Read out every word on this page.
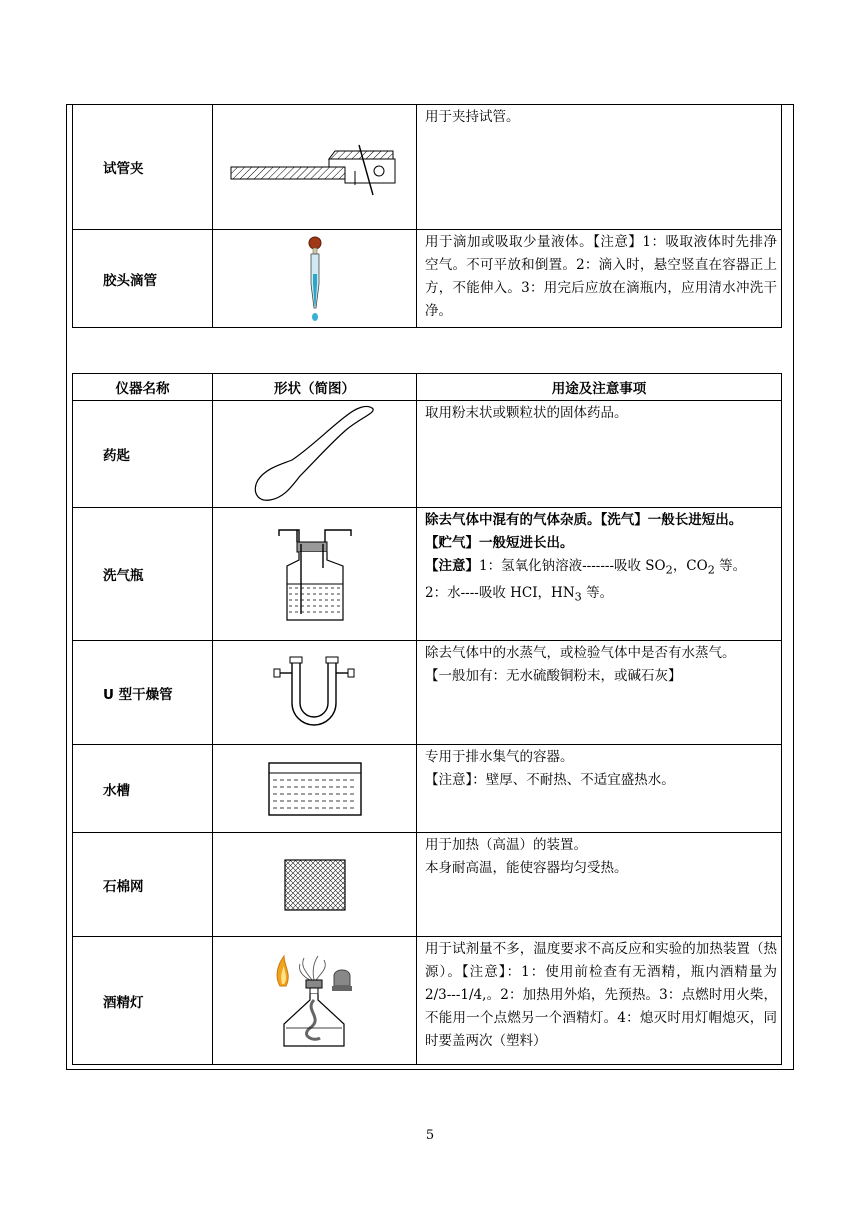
试管夹		用于夹持试管。
胶头滴管		用于滴加或吸取少量液体。【注意】1：吸取液体时先排净空气。不可平放和倒置。2：滴入时，悬空竖直在容器正上方，不能伸入。3：用完后应放在滴瓶内，应用清水冲洗干净。
仪器名称	形状（简图）	用途及注意事项
药匙		取用粉末状或颗粒状的固体药品。
洗气瓶		除去气体中混有的气体杂质。【洗气】一般长进短出。

【贮气】一般短进长出。

【注意】1：氢氧化钠溶液-------吸收 $SO_2$，$CO_2$ 等。

2：水----吸收 HCI，$HN_3$ 等。

U 型干燥管		除去气体中的水蒸气，或检验气体中是否有水蒸气。

【一般加有：无水硫酸铜粉末，或碱石灰】

水槽		专用于排水集气的容器。

【注意】：壁厚、不耐热、不适宜盛热水。

石棉网		用于加热（高温）的装置。

本身耐高温，能使容器均匀受热。

酒精灯		用于试剂量不多，温度要求不高反应和实验的加热装置（热源）。【注意】：1：使用前检查有无酒精，瓶内酒精量为 2/3---1/4,。2：加热用外焰，先预热。3：点燃时用火柴，不能用一个点燃另一个酒精灯。4：熄灭时用灯帽熄灭，同时要盖两次（塑料）

5
